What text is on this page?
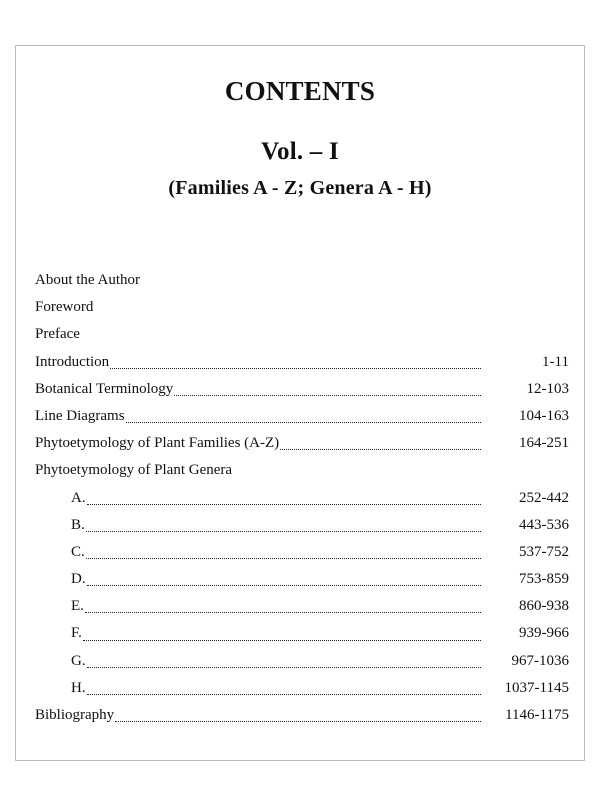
CONTENTS
Vol. – I
(Families A - Z; Genera A - H)
About the Author
Foreword
Preface
Introduction	1-11
Botanical Terminology	12-103
Line Diagrams	104-163
Phytoetymology of Plant Families (A-Z)	164-251
Phytoetymology of Plant Genera
A.	252-442
B.	443-536
C.	537-752
D.	753-859
E.	860-938
F.	939-966
G.	967-1036
H.	1037-1145
Bibliography	1146-1175
